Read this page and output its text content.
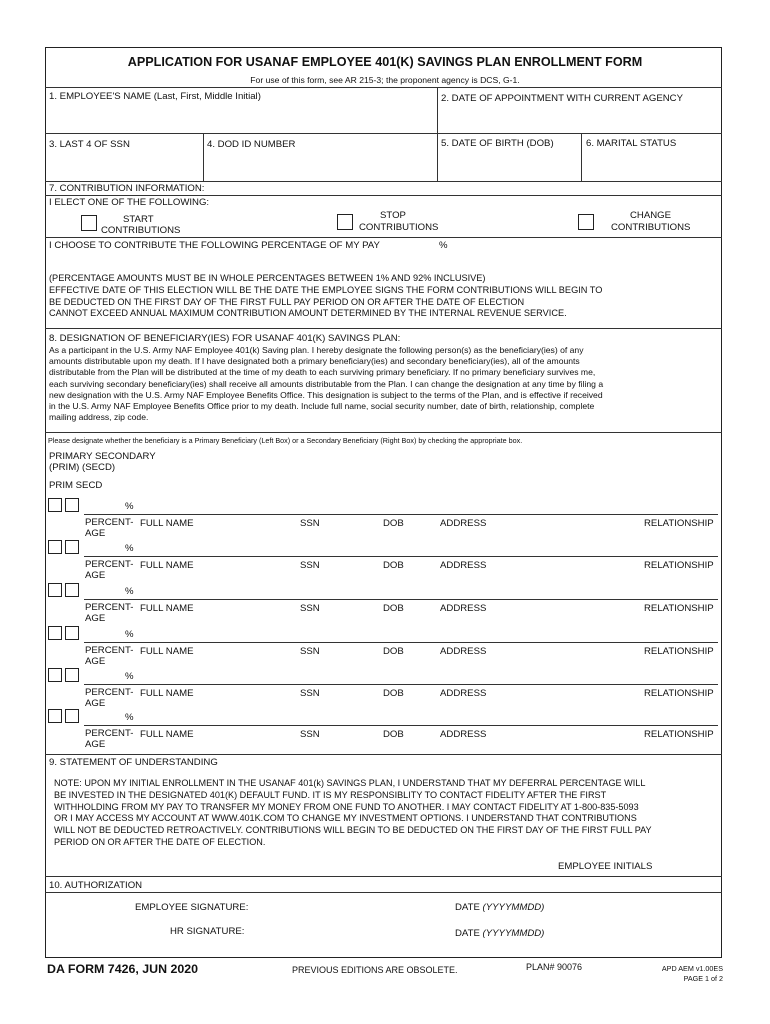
APPLICATION FOR USANAF EMPLOYEE 401(K) SAVINGS PLAN ENROLLMENT FORM
For use of this form, see AR 215-3; the proponent agency is DCS, G-1.
1. EMPLOYEE'S NAME (Last, First, Middle Initial)	2. DATE OF APPOINTMENT WITH CURRENT AGENCY
3. LAST 4 OF SSN	4. DOD ID NUMBER	5. DATE OF BIRTH (DOB)	6. MARITAL STATUS
7. CONTRIBUTION INFORMATION:
I ELECT ONE OF THE FOLLOWING:
START
CONTRIBUTIONS
STOP
CONTRIBUTIONS
CHANGE
CONTRIBUTIONS
I CHOOSE TO CONTRIBUTE THE FOLLOWING PERCENTAGE OF MY PAY	%
(PERCENTAGE AMOUNTS MUST BE IN WHOLE PERCENTAGES BETWEEN 1% AND 92% INCLUSIVE)
EFFECTIVE DATE OF THIS ELECTION WILL BE THE DATE THE EMPLOYEE SIGNS THE FORM CONTRIBUTIONS WILL BEGIN TO
BE DEDUCTED ON THE FIRST DAY OF THE FIRST FULL PAY PERIOD ON OR AFTER THE DATE OF ELECTION
CANNOT EXCEED ANNUAL MAXIMUM CONTRIBUTION AMOUNT DETERMINED BY THE INTERNAL REVENUE SERVICE.
8. DESIGNATION OF BENEFICIARY(IES) FOR USANAF 401(K) SAVINGS PLAN:
As a participant in the U.S. Army NAF Employee 401(k) Saving plan. I hereby designate the following person(s) as the beneficiary(ies) of any
amounts distributable upon my death. If I have designated both a primary beneficiary(ies) and secondary beneficiary(ies), all of the amounts
distributable from the Plan will be distributed at the time of my death to each surviving primary beneficiary. If no primary beneficiary survives me,
each surviving secondary beneficiary(ies) shall receive all amounts distributable from the Plan. I can change the designation at any time by filing a
new designation with the U.S. Army NAF Employee Benefits Office. This designation is subject to the terms of the Plan, and is effective if received
in the U.S. Army NAF Employee Benefits Office prior to my death. Include full name, social security number, date of birth, relationship, complete
mailing address, zip code.
Please designate whether the beneficiary is a Primary Beneficiary (Left Box) or a Secondary Beneficiary (Right Box) by checking the appropriate box.
PRIMARY SECONDARY
(PRIM) (SECD)
PRIM SECD
%
PERCENT-
AGE
FULL NAME	SSN	DOB	ADDRESS	RELATIONSHIP
%
PERCENT-
AGE
FULL NAME	SSN	DOB	ADDRESS	RELATIONSHIP
%
PERCENT-
AGE
FULL NAME	SSN	DOB	ADDRESS	RELATIONSHIP
%
PERCENT-
AGE
FULL NAME	SSN	DOB	ADDRESS	RELATIONSHIP
%
PERCENT-
AGE
FULL NAME	SSN	DOB	ADDRESS	RELATIONSHIP
%
PERCENT-
AGE
FULL NAME	SSN	DOB	ADDRESS	RELATIONSHIP
9. STATEMENT OF UNDERSTANDING
NOTE: UPON MY INITIAL ENROLLMENT IN THE USANAF 401(k) SAVINGS PLAN, I UNDERSTAND THAT MY DEFERRAL PERCENTAGE WILL
BE INVESTED IN THE DESIGNATED 401(K) DEFAULT FUND. IT IS MY RESPONSIBLITY TO CONTACT FIDELITY AFTER THE FIRST
WITHHOLDING FROM MY PAY TO TRANSFER MY MONEY FROM ONE FUND TO ANOTHER. I MAY CONTACT FIDELITY AT 1-800-835-5093
OR I MAY ACCESS MY ACCOUNT AT WWW.401K.COM TO CHANGE MY INVESTMENT OPTIONS. I UNDERSTAND THAT CONTRIBUTIONS
WILL NOT BE DEDUCTED RETROACTIVELY. CONTRIBUTIONS WILL BEGIN TO BE DEDUCTED ON THE FIRST DAY OF THE FIRST FULL PAY
PERIOD ON OR AFTER THE DATE OF ELECTION.
EMPLOYEE INITIALS
10. AUTHORIZATION
EMPLOYEE SIGNATURE:	DATE (YYYYMMDD)
HR SIGNATURE:	DATE (YYYYMMDD)
DA FORM 7426, JUN 2020	PREVIOUS EDITIONS ARE OBSOLETE.	PLAN# 90076	APD AEM v1.00ES
PAGE 1 of 2
